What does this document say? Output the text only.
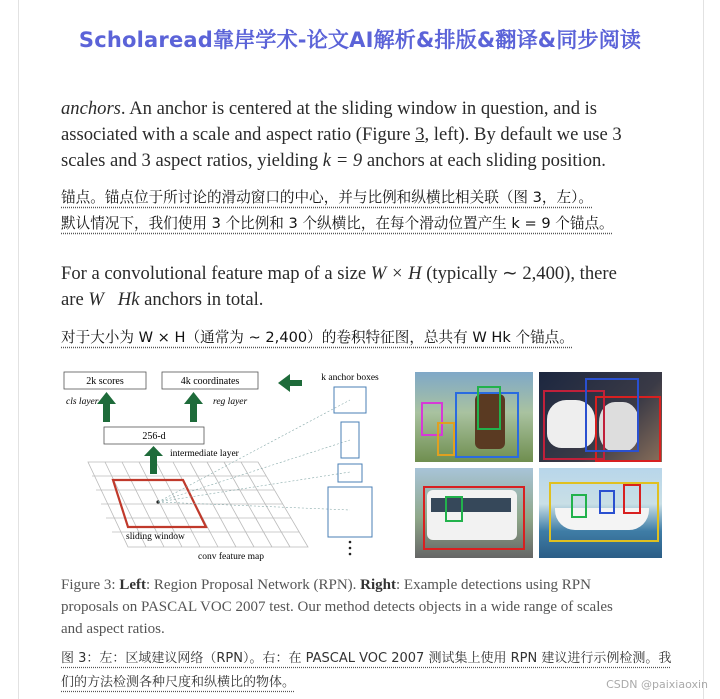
Scholaread靠岸学术-论文AI解析&排版&翻译&同步阅读
anchors. An anchor is centered at the sliding window in question, and is
associated with a scale and aspect ratio (Figure 3, left). By default we use 3
scales and 3 aspect ratios, yielding k = 9 anchors at each sliding position.
锚点。锚点位于所讨论的滑动窗口的中心，并与比例和纵横比相关联（图 3，左）。
默认情况下，我们使用 3 个比例和 3 个纵横比，在每个滑动位置产生 k = 9 个锚点。
For a convolutional feature map of a size W × H (typically ∼ 2,400), there
are W   Hk anchors in total.
对于大小为 W × H（通常为 ∼ 2,400）的卷积特征图，总共有 W Hk 个锚点。
2k scores	4k coordinates
cls layer	reg layer
256-d
intermediate layer
k anchor boxes
sliding window
conv feature map
Figure 3: Left: Region Proposal Network (RPN). Right: Example detections using RPN
proposals on PASCAL VOC 2007 test. Our method detects objects in a wide range of scales
and aspect ratios.
图 3：左：区域建议网络（RPN）。右：在 PASCAL VOC 2007 测试集上使用 RPN 建议进行示例检测。我
们的方法检测各种尺度和纵横比的物体。	CSDN @paixiaoxin
